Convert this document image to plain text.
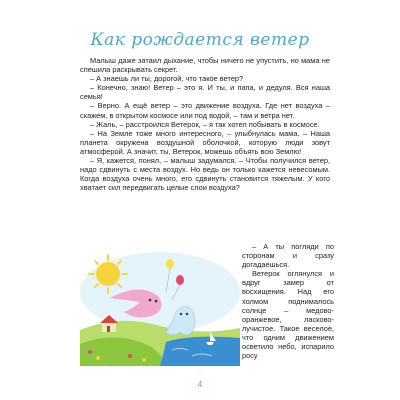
Как рождается ветер

Малыш даже затаил дыхание, чтобы ничего не упустить, но мама не спешила раскрывать секрет.

– А знаешь ли ты, дорогой, что такое ветер?

– Конечно, знаю! Ветер – это я. И ты, и папа, и дедуля. Вся наша семья!

– Верно. А ещё ветер – это движение воздуха. Где нет воздуха – скажем, в открытом космосе или под водой, – там и ветра нет.

– Жаль, – расстроился Ветерок, – я так хотел побывать в космосе.

– На Земле тоже много интересного, – улыбнулась мама. – Наша планета окружена воздушной оболочкой, которую люди зовут атмосферой. А значит, ты, Ветерок, можешь объять всю Землю!

– Я, кажется, понял, – малыш задумался. – Чтобы получился ветер, надо сдвинуть с места воздух. Но ведь он только кажется невесомым. Когда воздуха очень много, его сдвинуть становится тяжелым. У кого хватает сил передвигать целые слои воздуха?

– А ты погляди по сторонам и сразу догадаешься.

Ветерок оглянулся и вдруг замер от восхищения. Над его холмом поднималось солнце – медово-оранжевое, ласково-лучистое. Такое веселое, что одним движением осветило небо, испарило росу

4
